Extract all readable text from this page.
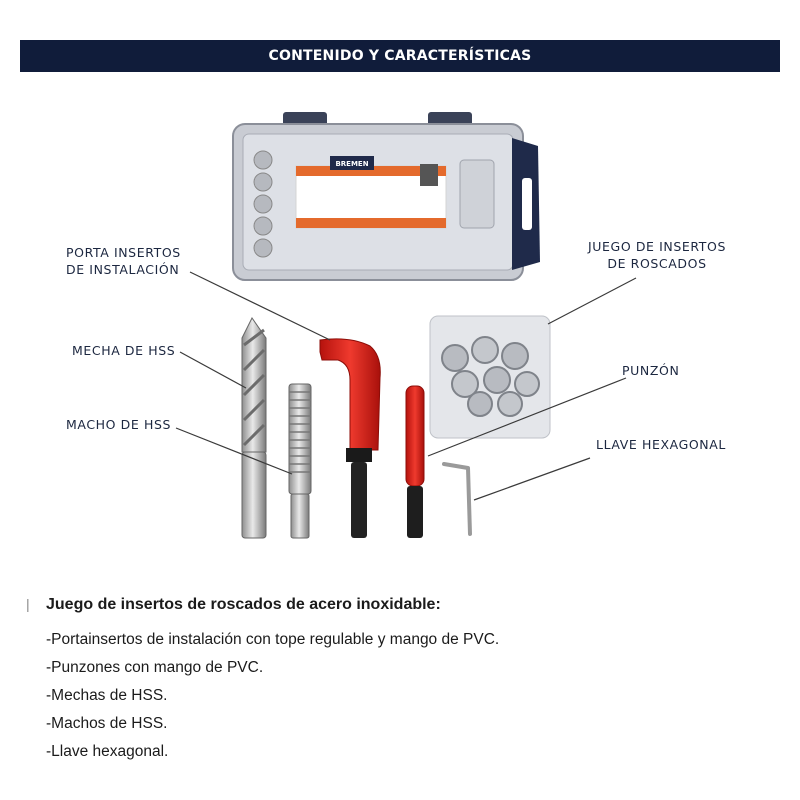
CONTENIDO Y CARACTERÍSTICAS
BREMEN
PORTA INSERTOS
DE INSTALACIÓN
JUEGO DE INSERTOS
DE ROSCADOS
MECHA DE HSS
MACHO DE HSS
PUNZÓN
LLAVE HEXAGONAL
|	Juego de insertos de roscados de acero inoxidable:
-Portainsertos de instalación con tope regulable y mango de PVC.
-Punzones con mango de PVC.
-Mechas de HSS.
-Machos de HSS.
-Llave hexagonal.
